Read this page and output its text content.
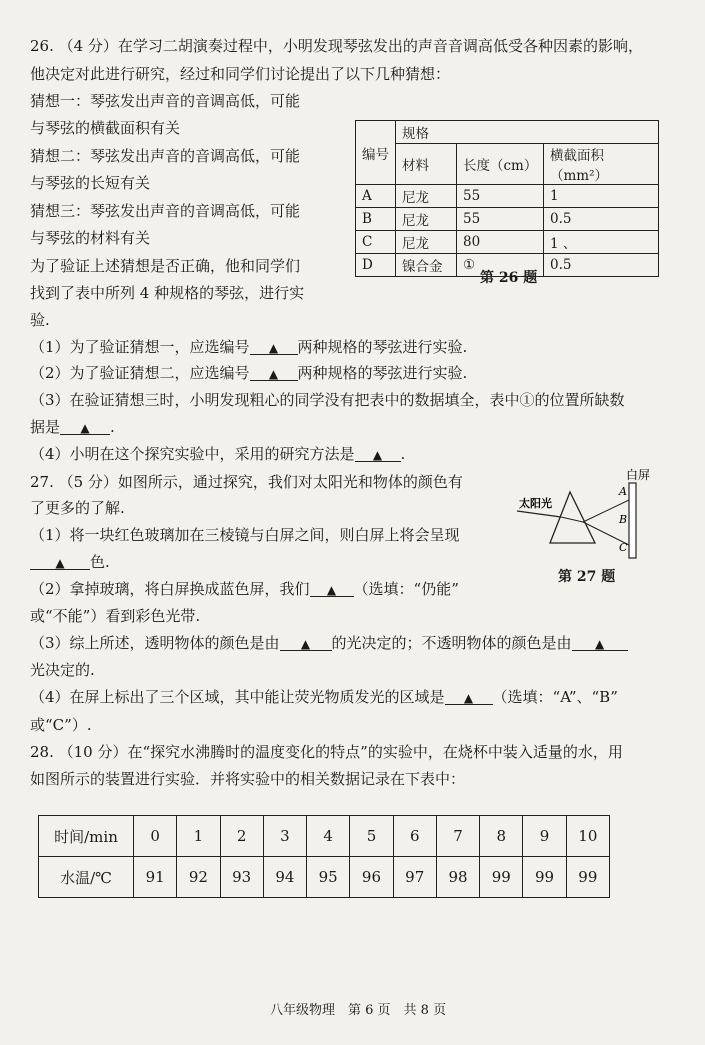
26. （4 分）在学习二胡演奏过程中，小明发现琴弦发出的声音音调高低受各种因素的影响，
他决定对此进行研究，经过和同学们讨论提出了以下几种猜想：
猜想一：琴弦发出声音的音调高低，可能
与琴弦的横截面积有关
猜想二：琴弦发出声音的音调高低，可能
与琴弦的长短有关
猜想三：琴弦发出声音的音调高低，可能
与琴弦的材料有关
为了验证上述猜想是否正确，他和同学们
找到了表中所列 4 种规格的琴弦，进行实
验.
编号	规格		
	材料	长度（cm）	横截面积（mm²）
A	尼龙	55	1
B	尼龙	55	0.5
C	尼龙	80	1 、
D	镍合金	①	0.5
第 26 题
（1）为了验证猜想一，应选编号 ▲ 两种规格的琴弦进行实验.
（2）为了验证猜想二，应选编号 ▲ 两种规格的琴弦进行实验.
（3）在验证猜想三时，小明发现粗心的同学没有把表中的数据填全，表中①的位置所缺数
据是 ▲ .
（4）小明在这个探究实验中，采用的研究方法是 ▲ .
27. （5 分）如图所示，通过探究，我们对太阳光和物体的颜色有
了更多的了解.
（1）将一块红色玻璃加在三棱镜与白屏之间，则白屏上将会呈现
▲ 色.
（2）拿掉玻璃，将白屏换成蓝色屏，我们 ▲ （选填：“仍能”
或“不能”）看到彩色光带.
（3）综上所述，透明物体的颜色是由 ▲ 的光决定的；不透明物体的颜色是由 ▲
光决定的.
（4）在屏上标出了三个区域，其中能让荧光物质发光的区域是 ▲ （选填：“A”、“B”
或“C”）.
白屏
太阳光
A
B
C
第 27 题
28. （10 分）在“探究水沸腾时的温度变化的特点”的实验中，在烧杯中装入适量的水，用
如图所示的装置进行实验．并将实验中的相关数据记录在下表中：
时间/min	0	1	2	3	4	5	6	7	8	9	10
水温/℃	91	92	93	94	95	96	97	98	99	99	99
八年级物理　第 6 页　共 8 页
